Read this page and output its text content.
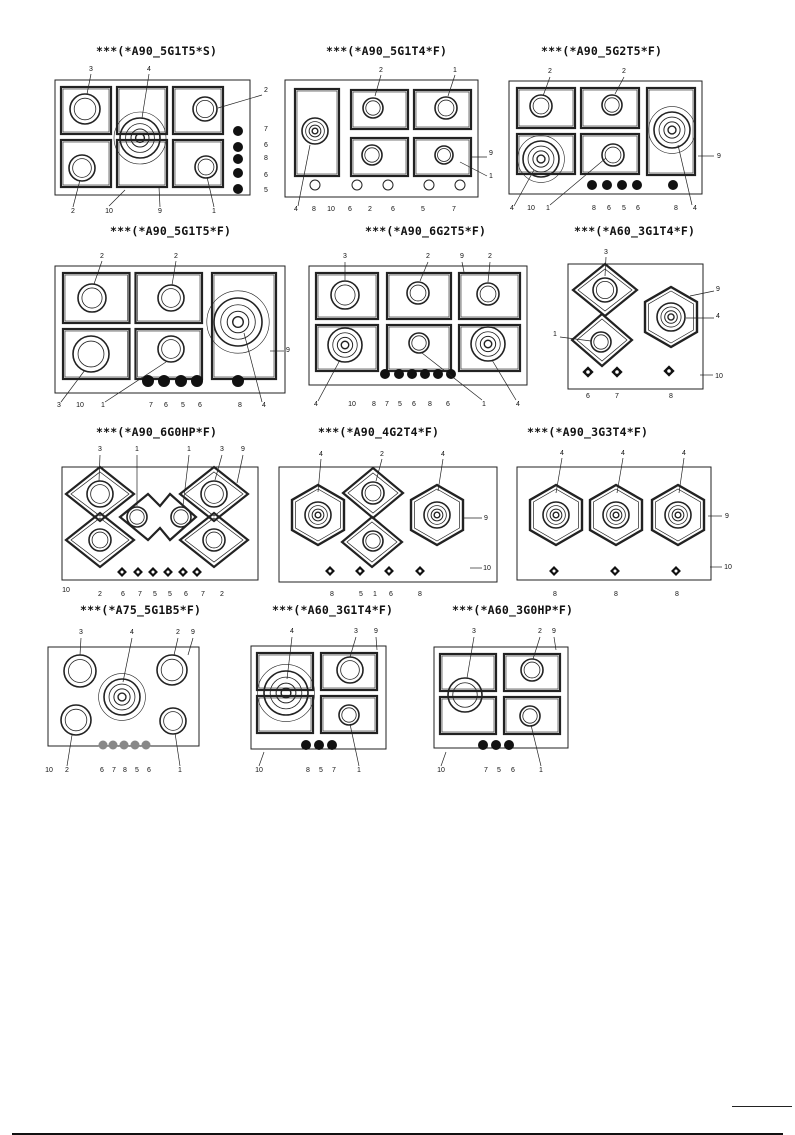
***(*A90_5G1T5*S)	***(*A90_5G1T4*F)	***(*A90_5G2T5*F)
***(*A90_5G1T5*F)	***(*A90_6G2T5*F)	***(*A60_3G1T4*F)
***(*A90_6G0HP*F)	***(*A90_4G2T4*F)	***(*A90_3G3T4*F)
***(*A75_5G1B5*F)	***(*A60_3G1T4*F)	***(*A60_3G0HP*F)
3	4
2
7
6
8
6
5
2	10	9	1
2	1
9
1
4 8 10 6 2	6	5	7
2	2
9
4 10 1	8 6 5 6	8 4
2	2
9
3 10 1	7 6 5 6	8	4
3	2	9	2
4	10 8 7 5 6 8 6	1	4
3
9
4
1
10
6	7	8
3	1	1	3 9
10
2	6 7 5 5 6 7 2
4	2	4
9
10
8	5 1 6	8
4	4	4
9
10
8	8	8
3	4	2 9
10 2	6 7 8 5 6	1
4	3 9
10	8 5 7	1
3	2 9
10	7 5 6	1
